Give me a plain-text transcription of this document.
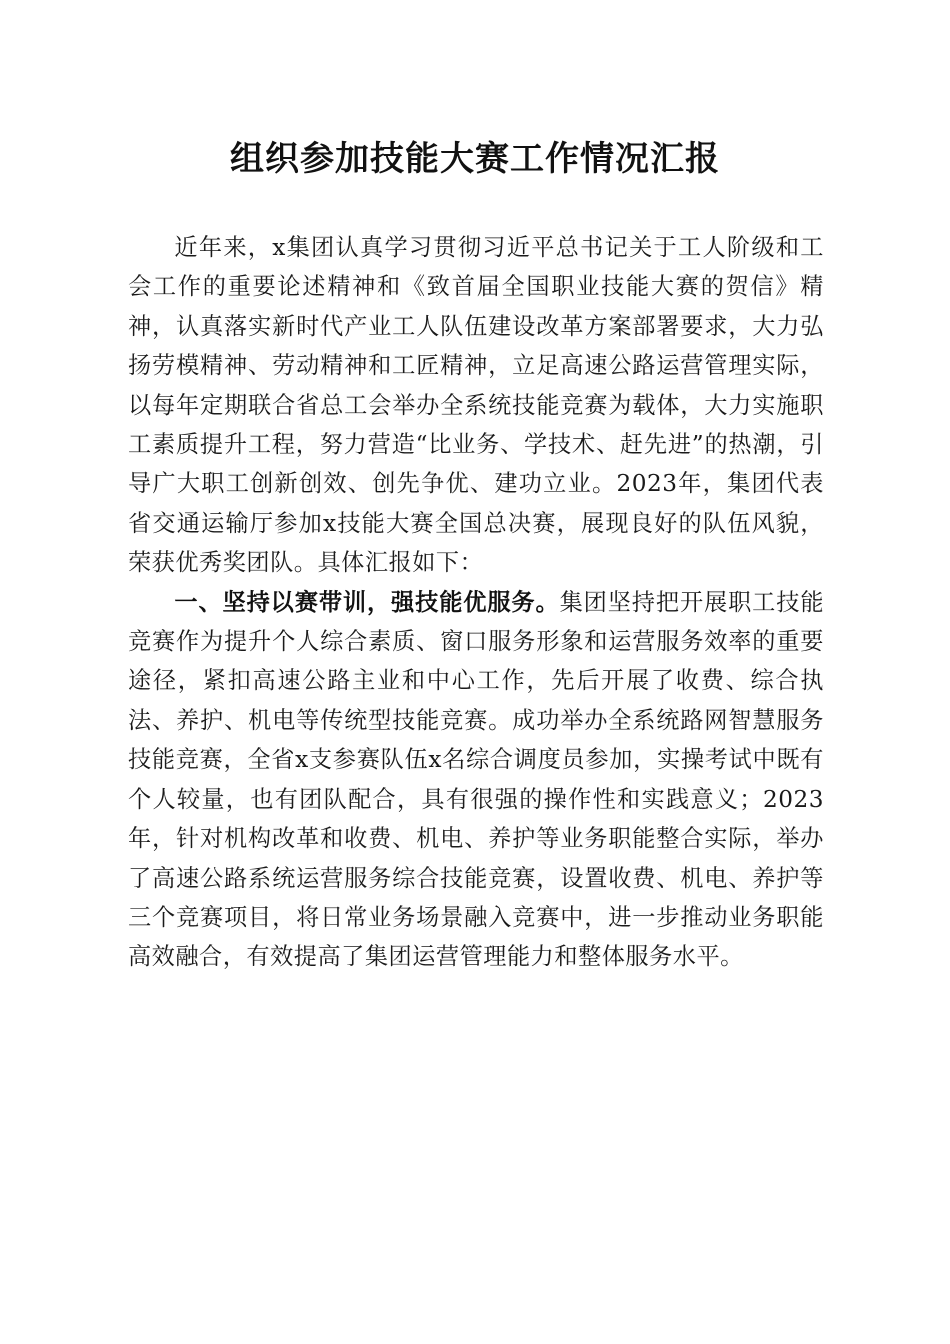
组织参加技能大赛工作情况汇报

近年来，x集团认真学习贯彻习近平总书记关于工人阶级和工会工作的重要论述精神和《致首届全国职业技能大赛的贺信》精神，认真落实新时代产业工人队伍建设改革方案部署要求，大力弘扬劳模精神、劳动精神和工匠精神，立足高速公路运营管理实际，以每年定期联合省总工会举办全系统技能竞赛为载体，大力实施职工素质提升工程，努力营造“比业务、学技术、赶先进”的热潮，引导广大职工创新创效、创先争优、建功立业。2023年，集团代表省交通运输厅参加x技能大赛全国总决赛，展现良好的队伍风貌，荣获优秀奖团队。具体汇报如下：

一、坚持以赛带训，强技能优服务。集团坚持把开展职工技能竞赛作为提升个人综合素质、窗口服务形象和运营服务效率的重要途径，紧扣高速公路主业和中心工作，先后开展了收费、综合执法、养护、机电等传统型技能竞赛。成功举办全系统路网智慧服务技能竞赛，全省x支参赛队伍x名综合调度员参加，实操考试中既有个人较量，也有团队配合，具有很强的操作性和实践意义；2023年，针对机构改革和收费、机电、养护等业务职能整合实际，举办了高速公路系统运营服务综合技能竞赛，设置收费、机电、养护等三个竞赛项目，将日常业务场景融入竞赛中，进一步推动业务职能高效融合，有效提高了集团运营管理能力和整体服务水平。
